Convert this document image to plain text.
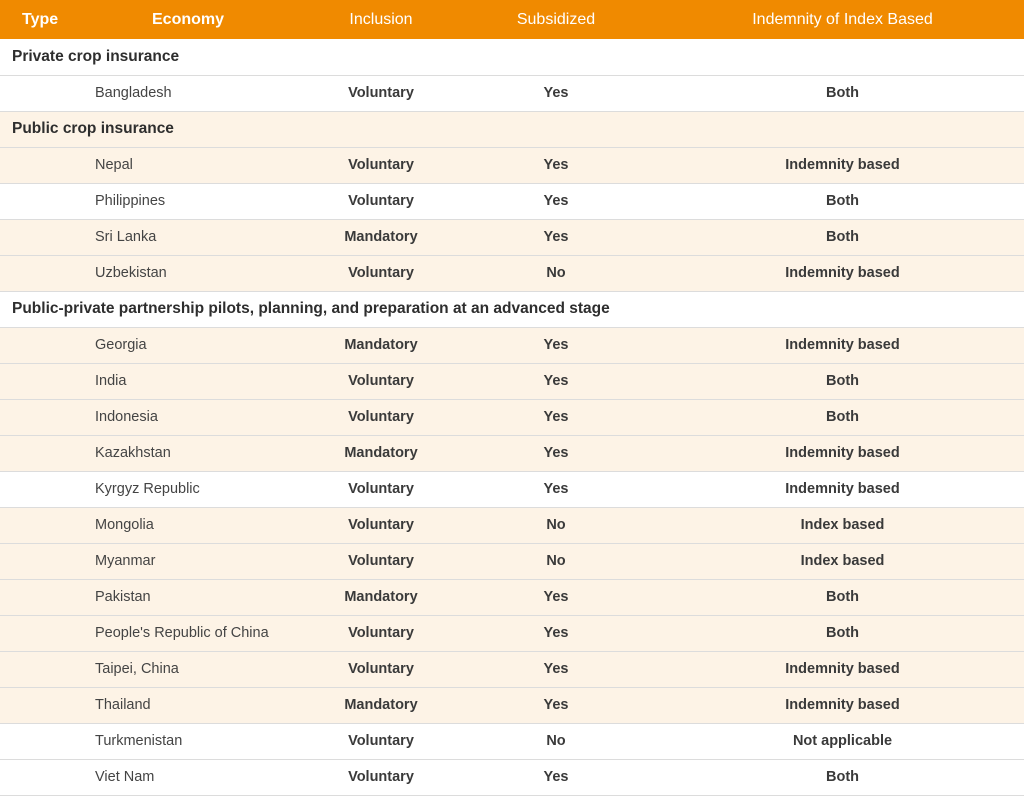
Type	Economy	Inclusion	Subsidized	Indemnity of Index Based
Private crop insurance				
Bangladesh		Voluntary	Yes	Both
Public crop insurance				
Nepal		Voluntary	Yes	Indemnity based
Philippines		Voluntary	Yes	Both
Sri Lanka		Mandatory	Yes	Both
Uzbekistan		Voluntary	No	Indemnity based
Public-private partnership pilots, planning, and preparation at an advanced stage				
Georgia		Mandatory	Yes	Indemnity based
India		Voluntary	Yes	Both
Indonesia		Voluntary	Yes	Both
Kazakhstan		Mandatory	Yes	Indemnity based
Kyrgyz Republic		Voluntary	Yes	Indemnity based
Mongolia		Voluntary	No	Index based
Myanmar		Voluntary	No	Index based
Pakistan		Mandatory	Yes	Both
People's Republic of China		Voluntary	Yes	Both
Taipei, China		Voluntary	Yes	Indemnity based
Thailand		Mandatory	Yes	Indemnity based
Turkmenistan		Voluntary	No	Not applicable
Viet Nam		Voluntary	Yes	Both
